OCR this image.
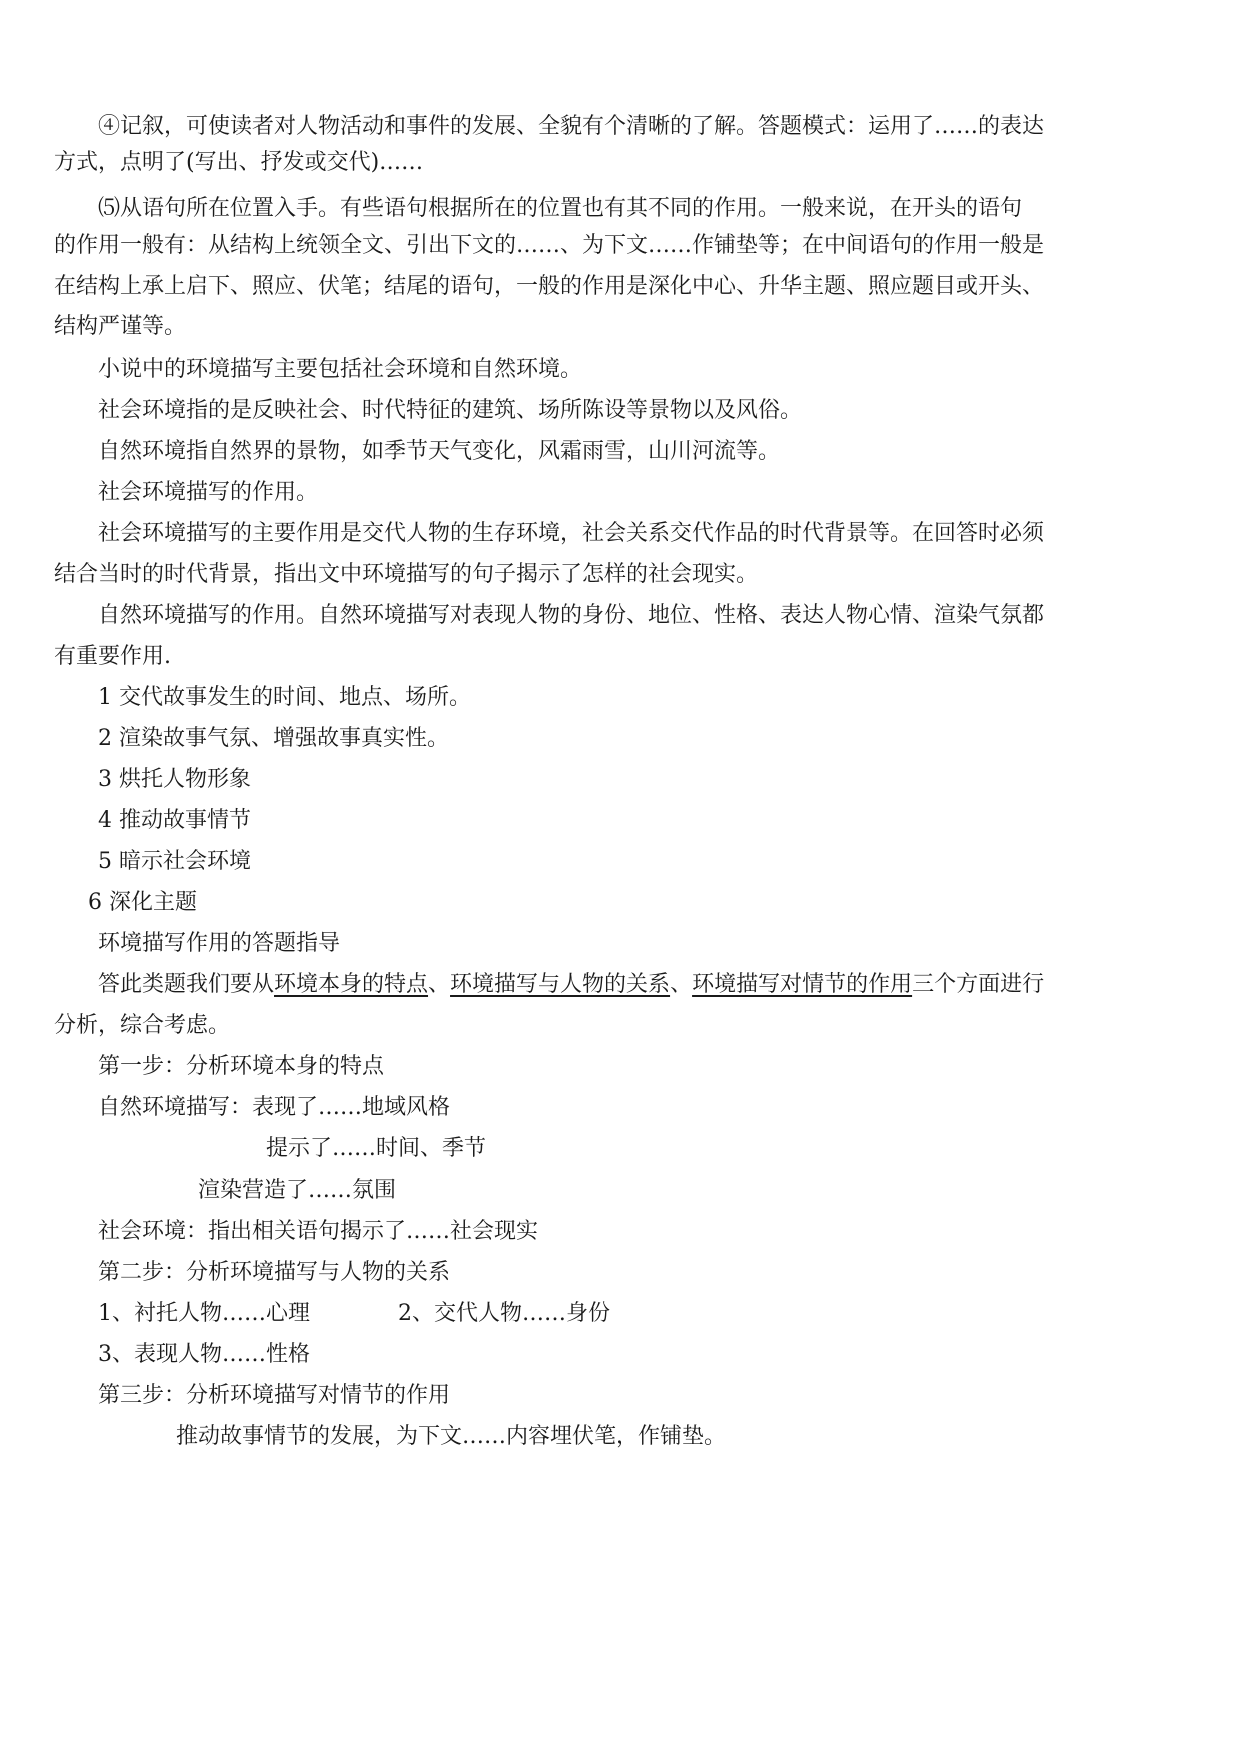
④记叙，可使读者对人物活动和事件的发展、全貌有个清晰的了解。答题模式：运用了……的表达
方式，点明了(写出、抒发或交代)……
⑸从语句所在位置入手。有些语句根据所在的位置也有其不同的作用。一般来说，在开头的语句
的作用一般有：从结构上统领全文、引出下文的……、为下文……作铺垫等；在中间语句的作用一般是
在结构上承上启下、照应、伏笔；结尾的语句，一般的作用是深化中心、升华主题、照应题目或开头、
结构严谨等。
小说中的环境描写主要包括社会环境和自然环境。
社会环境指的是反映社会、时代特征的建筑、场所陈设等景物以及风俗。
自然环境指自然界的景物，如季节天气变化，风霜雨雪，山川河流等。
社会环境描写的作用。
社会环境描写的主要作用是交代人物的生存环境，社会关系交代作品的时代背景等。在回答时必须
结合当时的时代背景，指出文中环境描写的句子揭示了怎样的社会现实。
自然环境描写的作用。自然环境描写对表现人物的身份、地位、性格、表达人物心情、渲染气氛都
有重要作用.
1 交代故事发生的时间、地点、场所。
2 渲染故事气氛、增强故事真实性。
3 烘托人物形象
4 推动故事情节
5 暗示社会环境
6 深化主题
环境描写作用的答题指导
答此类题我们要从环境本身的特点、环境描写与人物的关系、环境描写对情节的作用三个方面进行
分析，综合考虑。
第一步：分析环境本身的特点
自然环境描写：表现了……地域风格
提示了……时间、季节
渲染营造了……氛围
社会环境：指出相关语句揭示了……社会现实
第二步：分析环境描写与人物的关系
1、衬托人物……心理	2、交代人物……身份
3、表现人物……性格
第三步：分析环境描写对情节的作用
推动故事情节的发展，为下文……内容埋伏笔，作铺垫。
